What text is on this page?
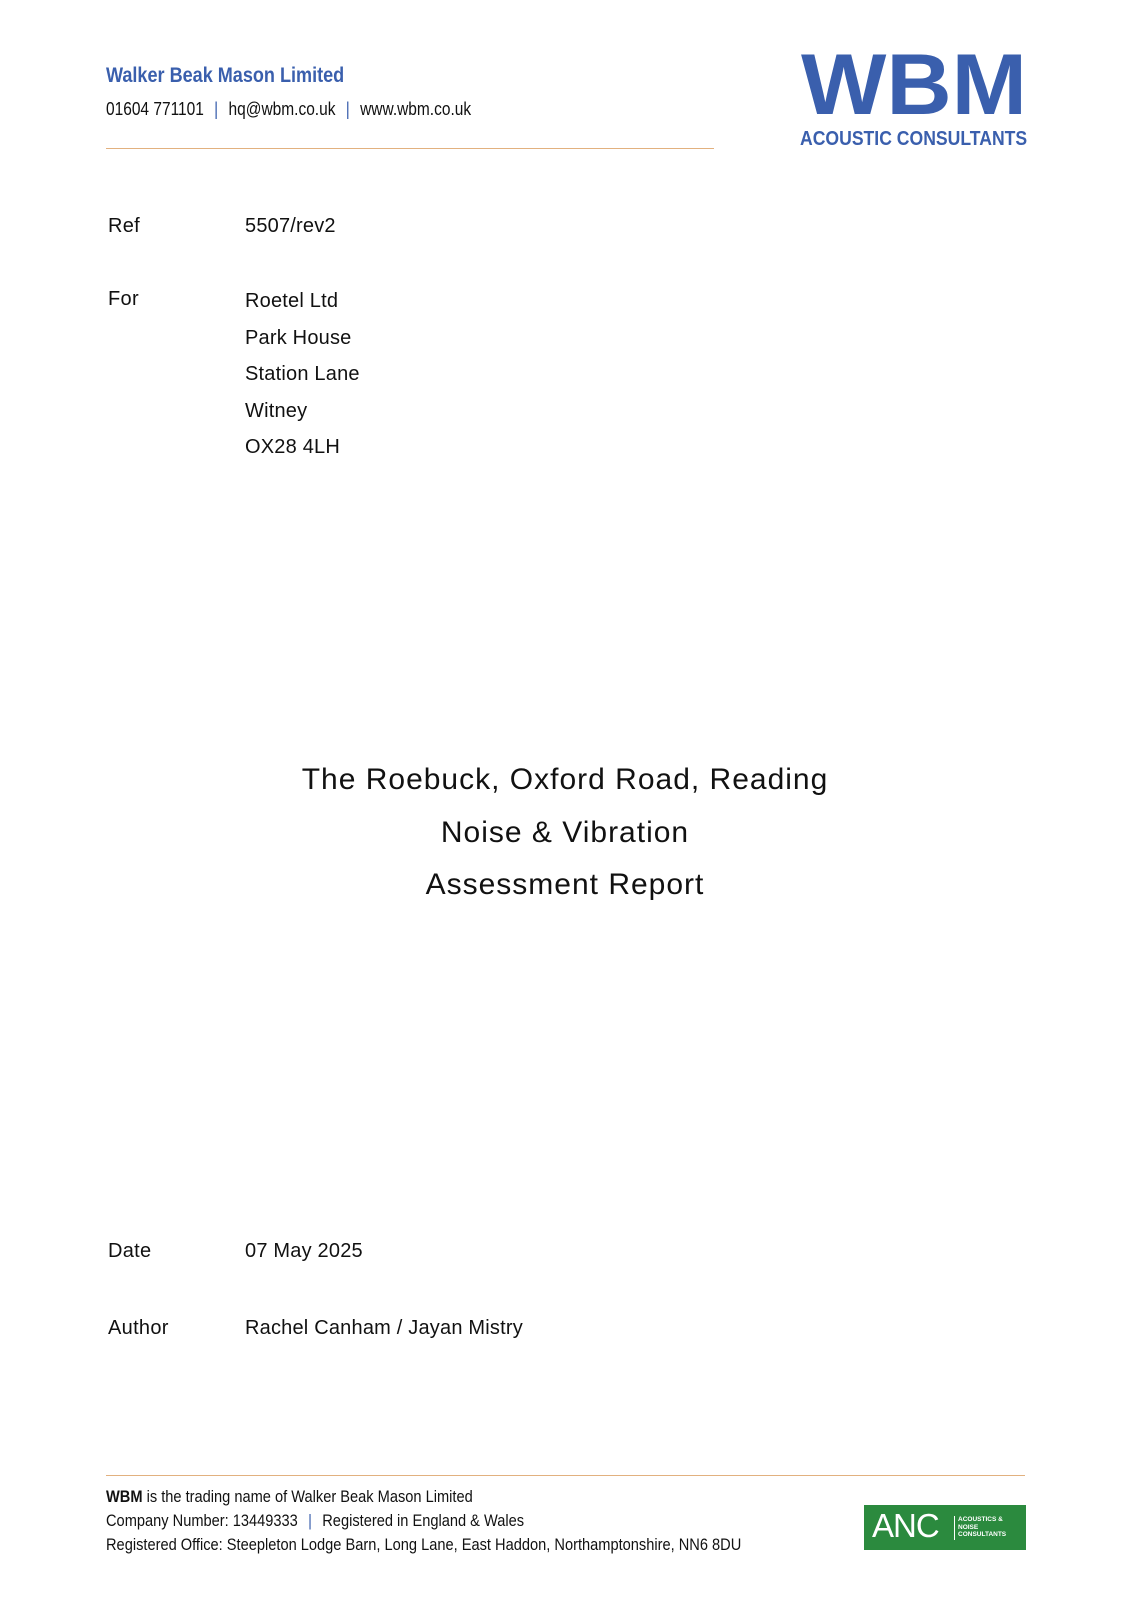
Walker Beak Mason Limited
01604 771101 | hq@wbm.co.uk | www.wbm.co.uk	WBM
ACOUSTIC CONSULTANTS
Ref	5507/rev2
For	Roetel Ltd
Park House
Station Lane
Witney
OX28 4LH
The Roebuck, Oxford Road, Reading
Noise & Vibration
Assessment Report
Date	07 May 2025
Author	Rachel Canham / Jayan Mistry
WBM is the trading name of Walker Beak Mason Limited
Company Number: 13449333 | Registered in England & Wales
Registered Office: Steepleton Lodge Barn, Long Lane, East Haddon, Northamptonshire, NN6 8DU
ANC	ACOUSTICS &
NOISE
CONSULTANTS
